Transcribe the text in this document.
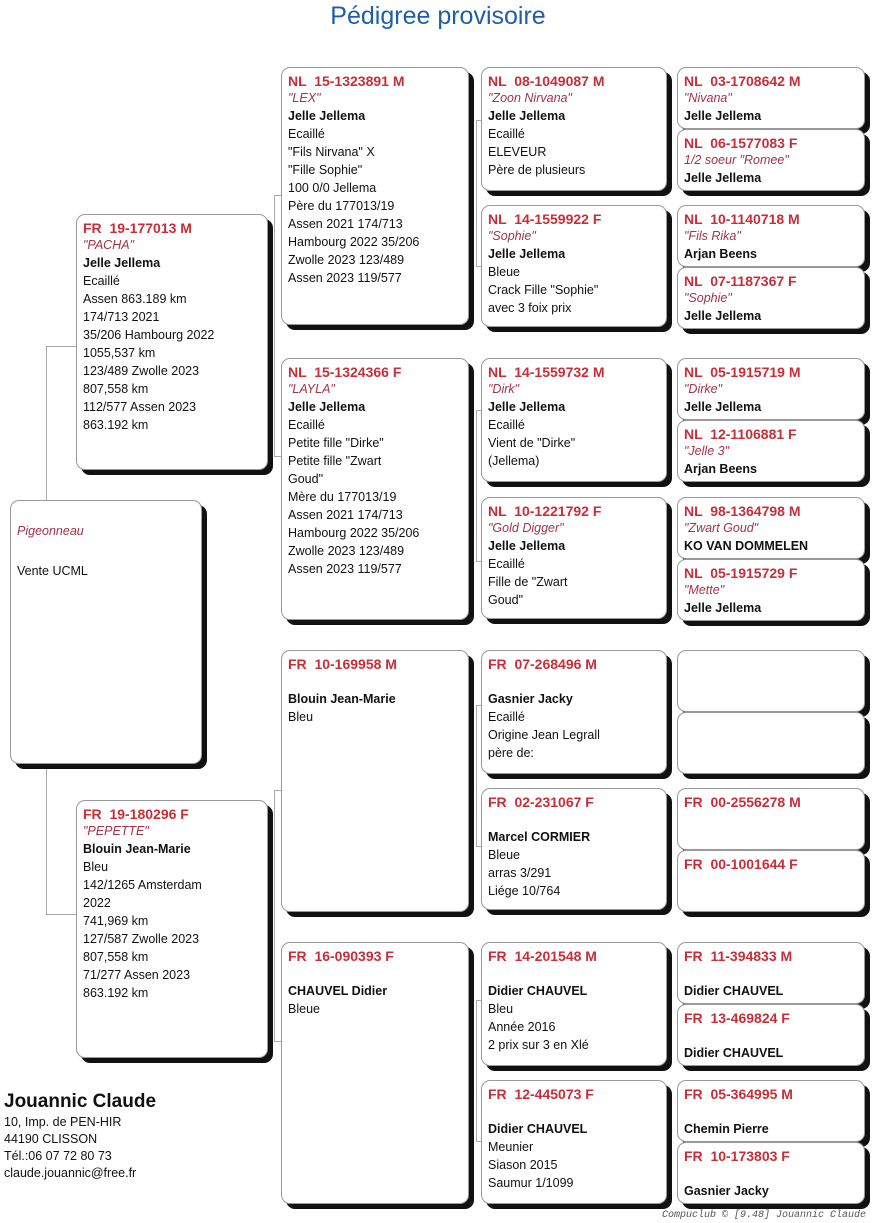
Pédigree provisoire
Pigeonneau
Vente UCML
FR  19-177013 M
"PACHA"
Jelle Jellema
Ecaillé
Assen 863.189 km
174/713 2021
35/206 Hambourg 2022
1055,537 km
123/489 Zwolle 2023
807,558 km
112/577 Assen 2023
863.192 km
FR  19-180296 F
"PEPETTE"
Blouin Jean-Marie
Bleu
142/1265 Amsterdam
2022
741,969 km
127/587 Zwolle 2023
807,558 km
71/277 Assen 2023
863.192 km
NL  15-1323891 M
"LEX"
Jelle Jellema
Ecaillé
"Fils Nirvana" X
"Fille Sophie"
100 0/0 Jellema
Père du 177013/19
Assen 2021 174/713
Hambourg 2022 35/206
Zwolle 2023 123/489
Assen 2023 119/577
NL  15-1324366 F
"LAYLA"
Jelle Jellema
Ecaillé
Petite fille "Dirke"
Petite fille "Zwart
Goud"
Mère du 177013/19
Assen 2021 174/713
Hambourg 2022 35/206
Zwolle 2023 123/489
Assen 2023 119/577
FR  10-169958 M
Blouin Jean-Marie
Bleu
FR  16-090393 F
CHAUVEL Didier
Bleue
NL  08-1049087 M
"Zoon Nirvana"
Jelle Jellema
Ecaillé
ELEVEUR
Père de plusieurs
NL  14-1559922 F
"Sophie"
Jelle Jellema
Bleue
Crack Fille "Sophie"
avec 3 foix prix
NL  14-1559732 M
"Dirk"
Jelle Jellema
Ecaillé
Vient de "Dirke"
(Jellema)
NL  10-1221792 F
"Gold Digger"
Jelle Jellema
Ecaillé
Fille de "Zwart
Goud"
FR  07-268496 M
Gasnier Jacky
Ecaillé
Origine Jean Legrall
père de:
FR  02-231067 F
Marcel CORMIER
Bleue
arras 3/291
Liége 10/764
FR  14-201548 M
Didier CHAUVEL
Bleu
Année 2016
2 prix sur 3 en Xlé
FR  12-445073 F
Didier CHAUVEL
Meunier
Siason 2015
Saumur 1/1099
NL  03-1708642 M
"Nivana"
Jelle Jellema
NL  06-1577083 F
1/2 soeur "Romee"
Jelle Jellema
NL  10-1140718 M
"Fils Rika"
Arjan Beens
NL  07-1187367 F
"Sophie"
Jelle Jellema
NL  05-1915719 M
"Dirke"
Jelle Jellema
NL  12-1106881 F
"Jelle 3"
Arjan Beens
NL  98-1364798 M
"Zwart Goud"
KO VAN DOMMELEN
NL  05-1915729 F
"Mette"
Jelle Jellema
FR  00-2556278 M
FR  00-1001644 F
FR  11-394833 M
Didier CHAUVEL
FR  13-469824 F
Didier CHAUVEL
FR  05-364995 M
Chemin Pierre
FR  10-173803 F
Gasnier Jacky
Jouannic Claude
10, Imp. de PEN-HIR
44190 CLISSON
Tél.:06 07 72 80 73
claude.jouannic@free.fr
Compuclub © [9.48] Jouannic Claude
